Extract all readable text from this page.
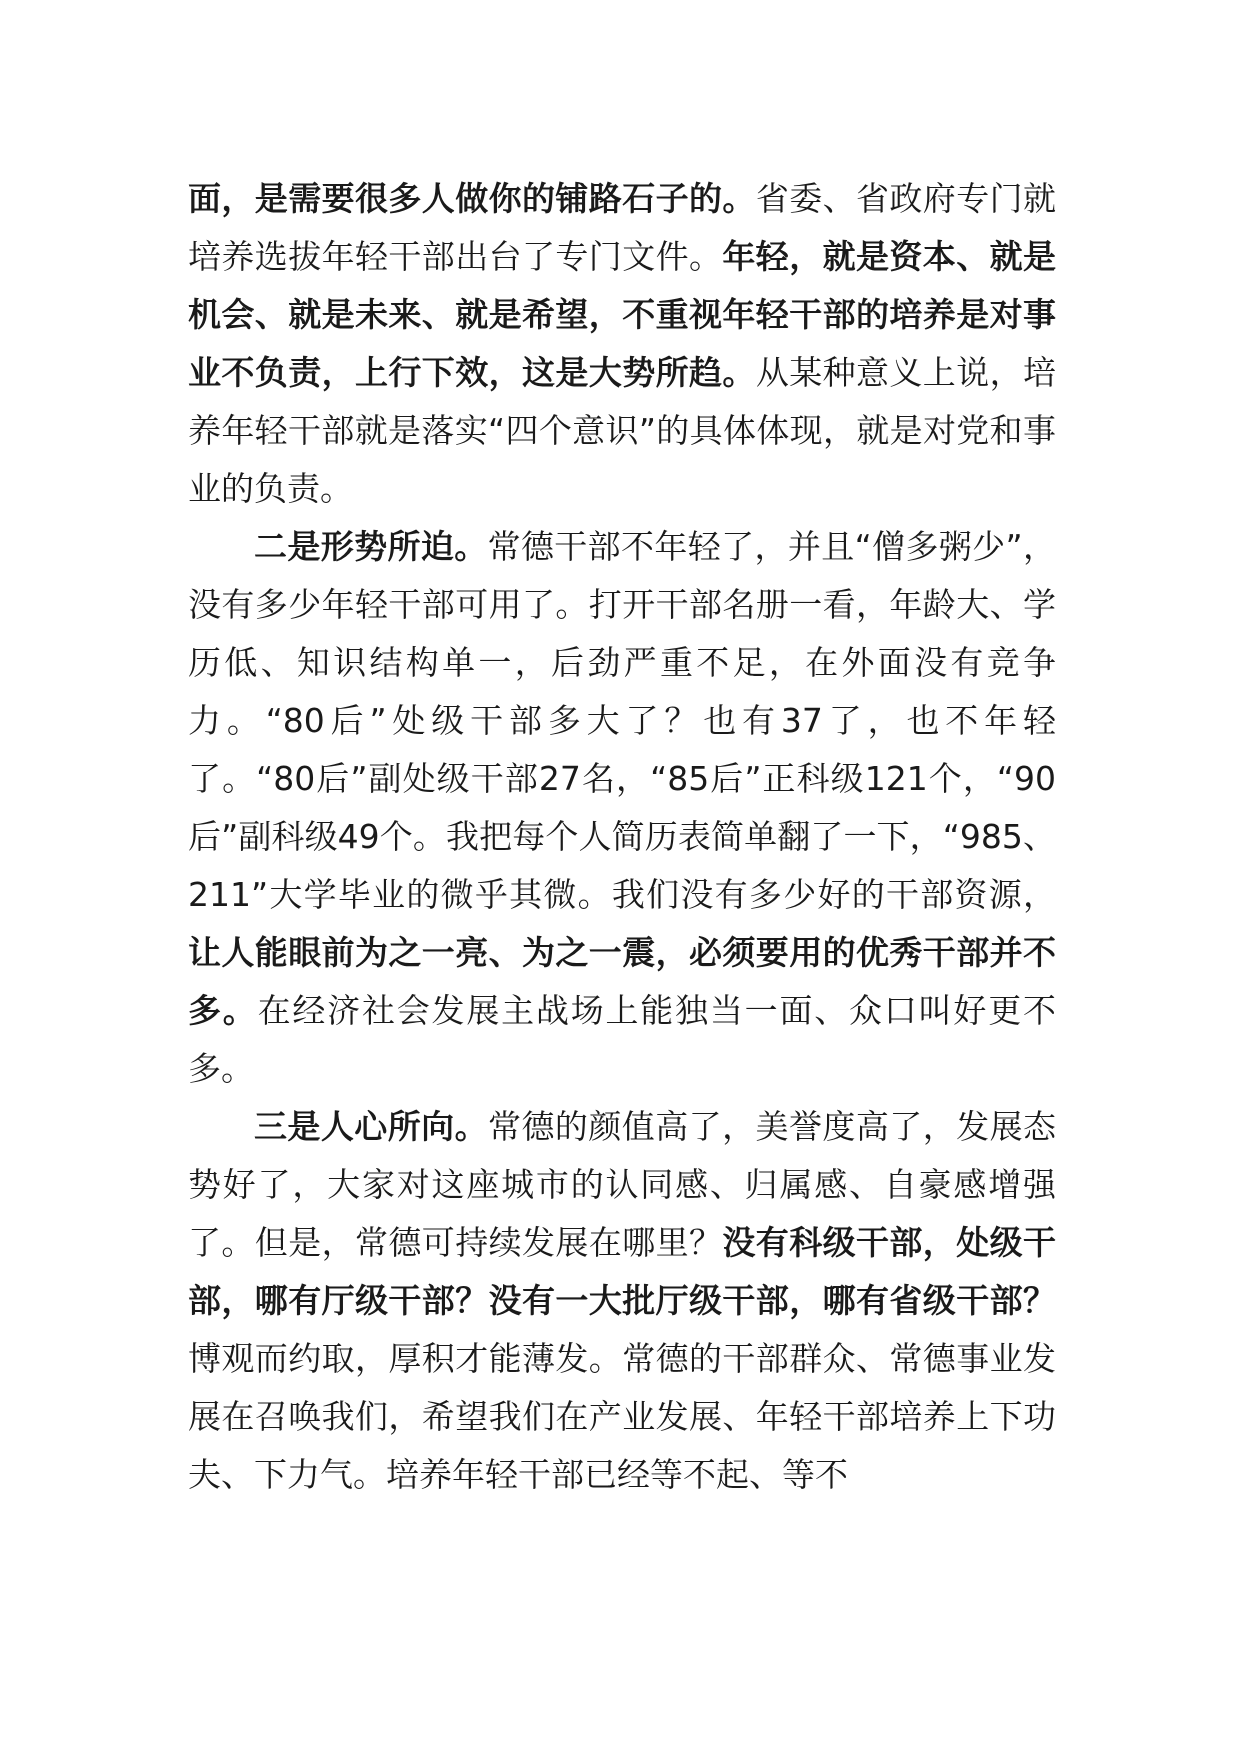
面，是需要很多人做你的铺路石子的。省委、省政府专门就培养选拔年轻干部出台了专门文件。年轻，就是资本、就是机会、就是未来、就是希望，不重视年轻干部的培养是对事业不负责，上行下效，这是大势所趋。从某种意义上说，培养年轻干部就是落实“四个意识”的具体体现，就是对党和事业的负责。

二是形势所迫。常德干部不年轻了，并且“僧多粥少”，没有多少年轻干部可用了。打开干部名册一看，年龄大、学历低、知识结构单一，后劲严重不足，在外面没有竞争力。“80后”处级干部多大了？也有37了，也不年轻了。“80后”副处级干部27名，“85后”正科级121个，“90后”副科级49个。我把每个人简历表简单翻了一下，“985、211”大学毕业的微乎其微。我们没有多少好的干部资源，让人能眼前为之一亮、为之一震，必须要用的优秀干部并不多。在经济社会发展主战场上能独当一面、众口叫好更不多。

三是人心所向。常德的颜值高了，美誉度高了，发展态势好了，大家对这座城市的认同感、归属感、自豪感增强了。但是，常德可持续发展在哪里？没有科级干部，处级干部，哪有厅级干部？没有一大批厅级干部，哪有省级干部？博观而约取，厚积才能薄发。常德的干部群众、常德事业发展在召唤我们，希望我们在产业发展、年轻干部培养上下功夫、下力气。培养年轻干部已经等不起、等不
